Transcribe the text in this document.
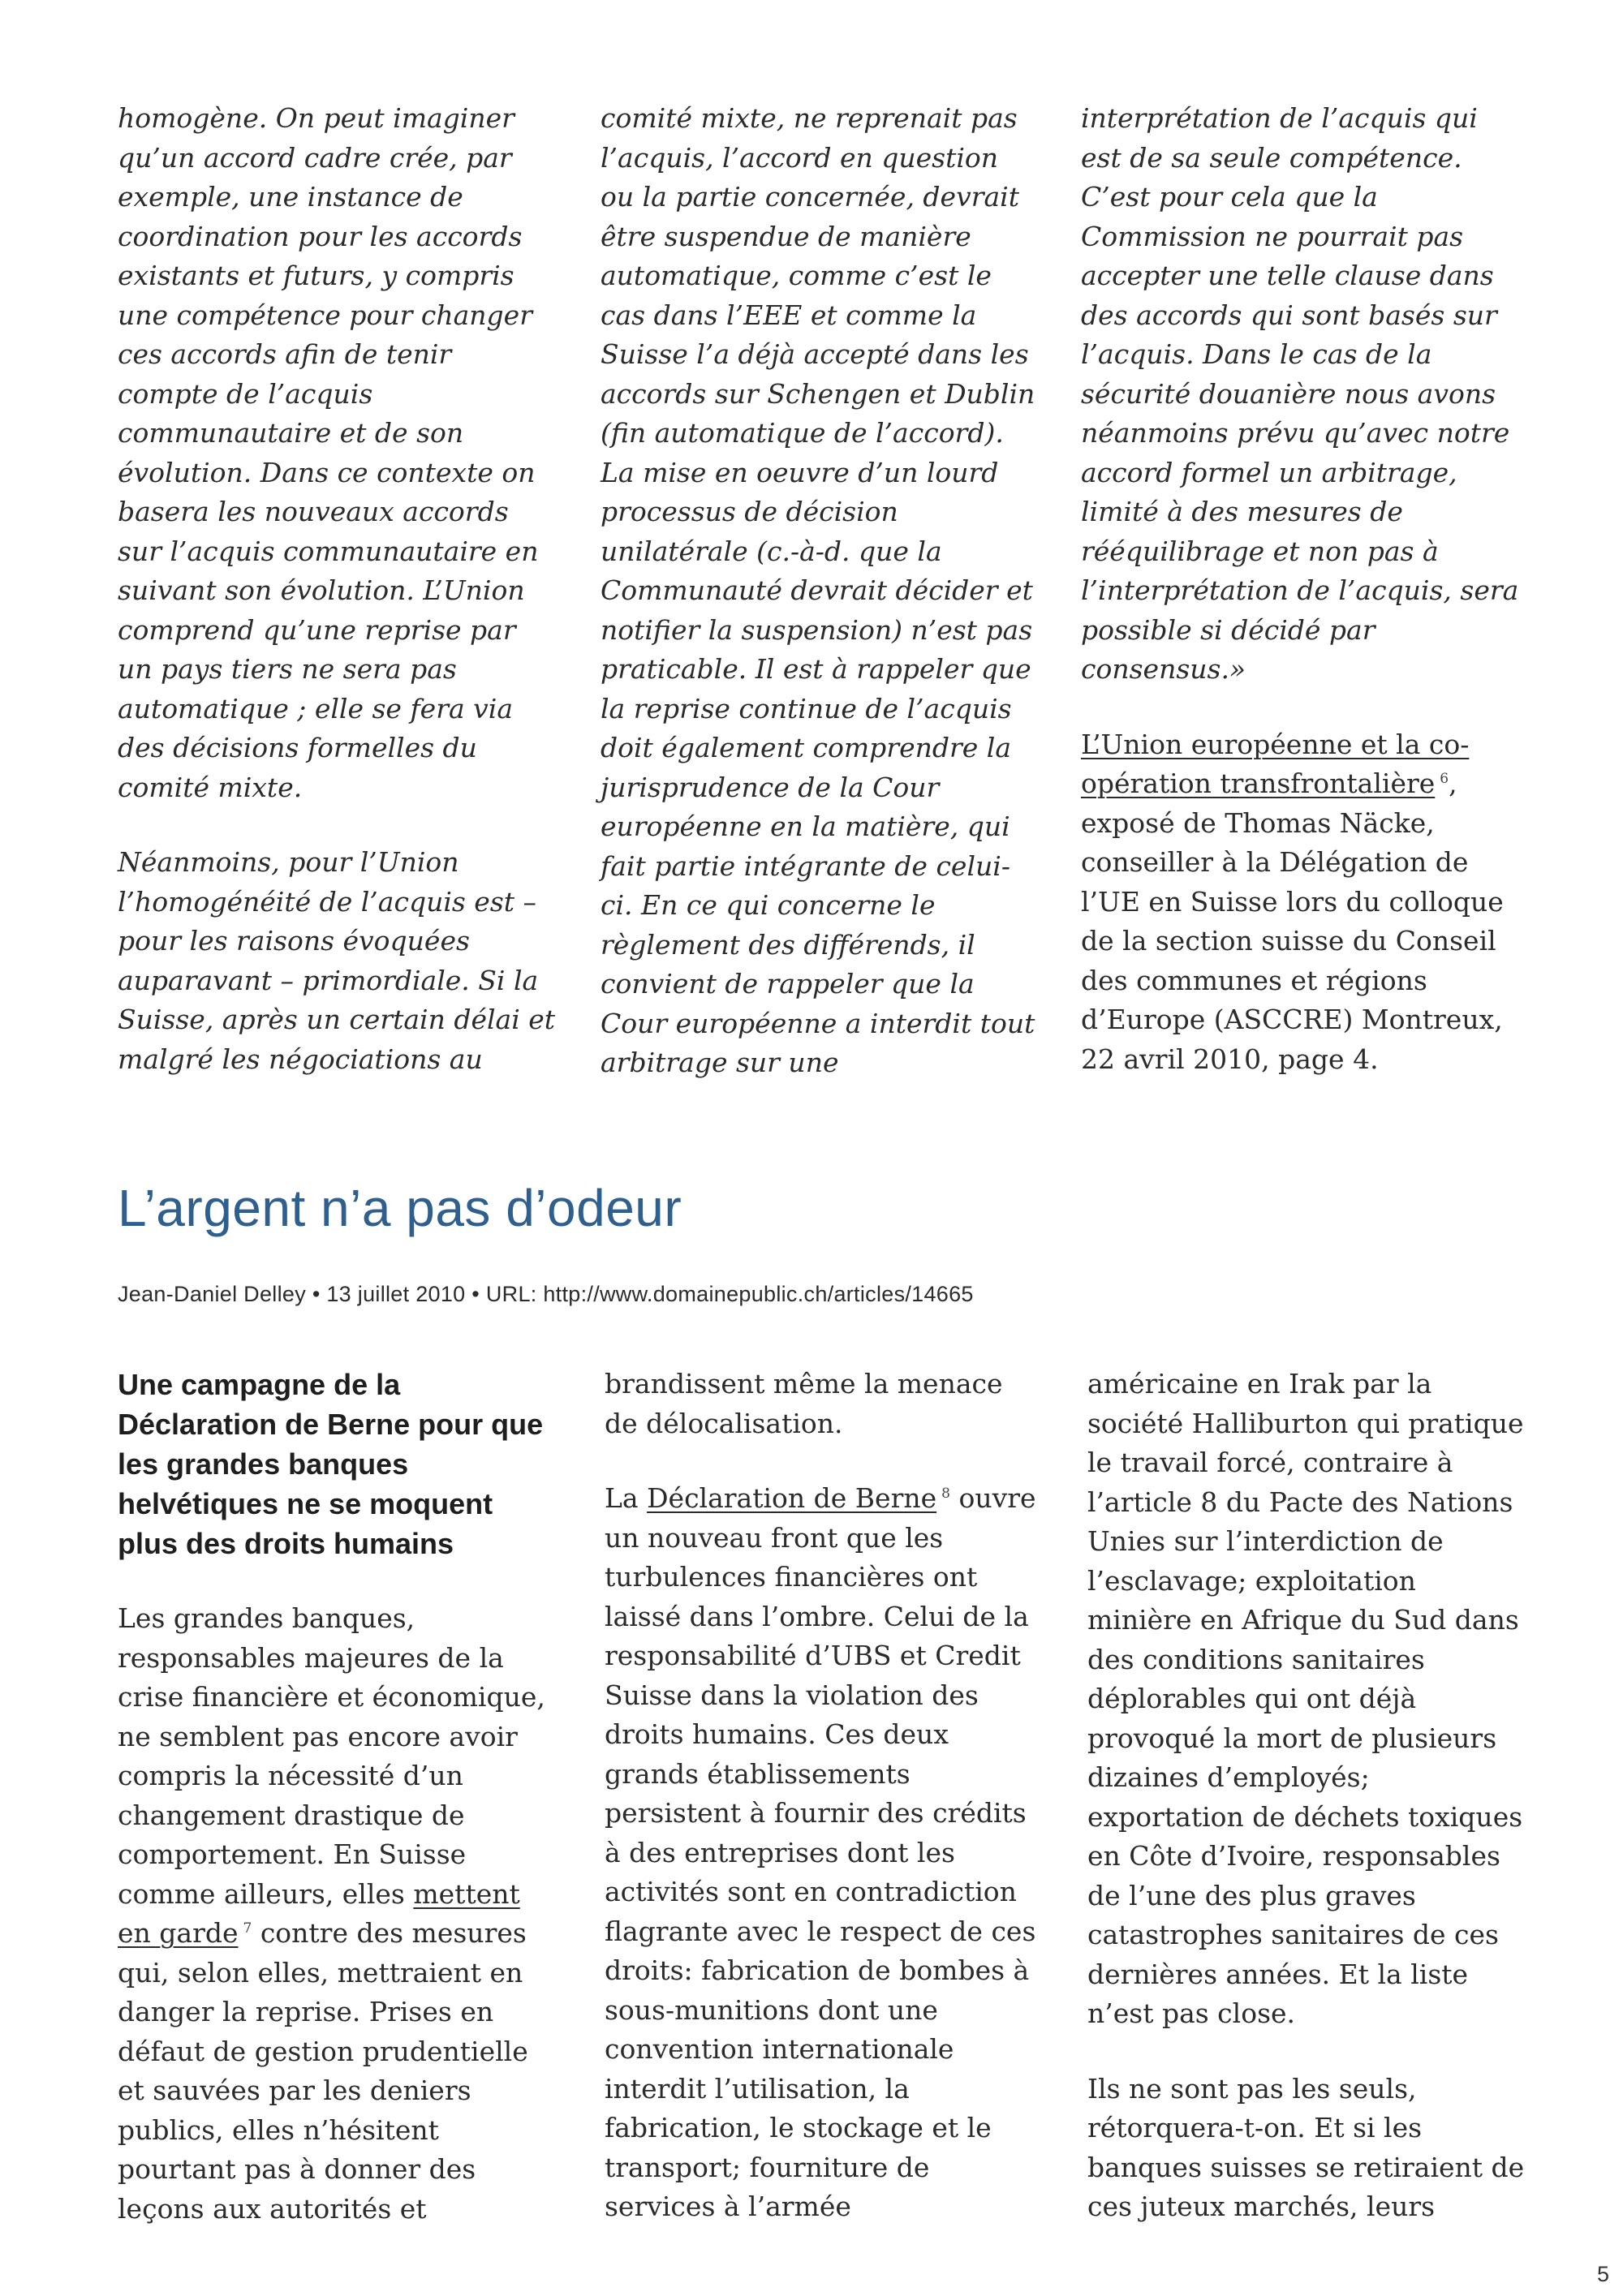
homogène. On peut imaginer qu’un accord cadre crée, par exemple, une instance de coordination pour les accords existants et futurs, y compris une compétence pour changer ces accords afin de tenir compte de l’acquis communautaire et de son évolution. Dans ce contexte on basera les nouveaux accords sur l’acquis communautaire en suivant son évolution. L’Union comprend qu’une reprise par un pays tiers ne sera pas automatique ; elle se fera via des décisions formelles du comité mixte.

Néanmoins, pour l’Union l’homogénéité de l’acquis est – pour les raisons évoquées auparavant – primordiale. Si la Suisse, après un certain délai et malgré les négociations au

comité mixte, ne reprenait pas l’acquis, l’accord en question ou la partie concernée, devrait être suspendue de manière automatique, comme c’est le cas dans l’EEE et comme la Suisse l’a déjà accepté dans les accords sur Schengen et Dublin (fin automatique de l’accord). La mise en oeuvre d’un lourd processus de décision unilatérale (c.-à-d. que la Communauté devrait décider et notifier la suspension) n’est pas praticable. Il est à rappeler que la reprise continue de l’acquis doit également comprendre la jurisprudence de la Cour européenne en la matière, qui fait partie intégrante de celui-ci. En ce qui concerne le règlement des différends, il convient de rappeler que la Cour européenne a interdit tout arbitrage sur une

interprétation de l’acquis qui est de sa seule compétence. C’est pour cela que la Commission ne pourrait pas accepter une telle clause dans des accords qui sont basés sur l’acquis. Dans le cas de la sécurité douanière nous avons néanmoins prévu qu’avec notre accord formel un arbitrage, limité à des mesures de rééquilibrage et non pas à l’interprétation de l’acquis, sera possible si décidé par consensus.»

L’Union européenne et la co-opération transfrontalière $^6$, exposé de Thomas Näcke, conseiller à la Délégation de l’UE en Suisse lors du colloque de la section suisse du Conseil des communes et régions d’Europe (ASCCRE) Montreux, 22 avril 2010, page 4.

L’argent n’a pas d’odeur
Jean-Daniel Delley • 13 juillet 2010 • URL: http://www.domainepublic.ch/articles/14665

Une campagne de la Déclaration de Berne pour que les grandes banques helvétiques ne se moquent plus des droits humains

Les grandes banques, responsables majeures de la crise financière et économique, ne semblent pas encore avoir compris la nécessité d’un changement drastique de comportement. En Suisse comme ailleurs, elles mettent en garde $^7$ contre des mesures qui, selon elles, mettraient en danger la reprise. Prises en défaut de gestion prudentielle et sauvées par les deniers publics, elles n’hésitent pourtant pas à donner des leçons aux autorités et

brandissent même la menace de délocalisation.

La Déclaration de Berne $^8$ ouvre un nouveau front que les turbulences financières ont laissé dans l’ombre. Celui de la responsabilité d’UBS et Credit Suisse dans la violation des droits humains. Ces deux grands établissements persistent à fournir des crédits à des entreprises dont les activités sont en contradiction flagrante avec le respect de ces droits: fabrication de bombes à sous-munitions dont une convention internationale interdit l’utilisation, la fabrication, le stockage et le transport; fourniture de services à l’armée

américaine en Irak par la société Halliburton qui pratique le travail forcé, contraire à l’article 8 du Pacte des Nations Unies sur l’interdiction de l’esclavage; exploitation minière en Afrique du Sud dans des conditions sanitaires déplorables qui ont déjà provoqué la mort de plusieurs dizaines d’employés; exportation de déchets toxiques en Côte d’Ivoire, responsables de l’une des plus graves catastrophes sanitaires de ces dernières années. Et la liste n’est pas close.

Ils ne sont pas les seuls, rétorquera-t-on. Et si les banques suisses se retiraient de ces juteux marchés, leurs

5
